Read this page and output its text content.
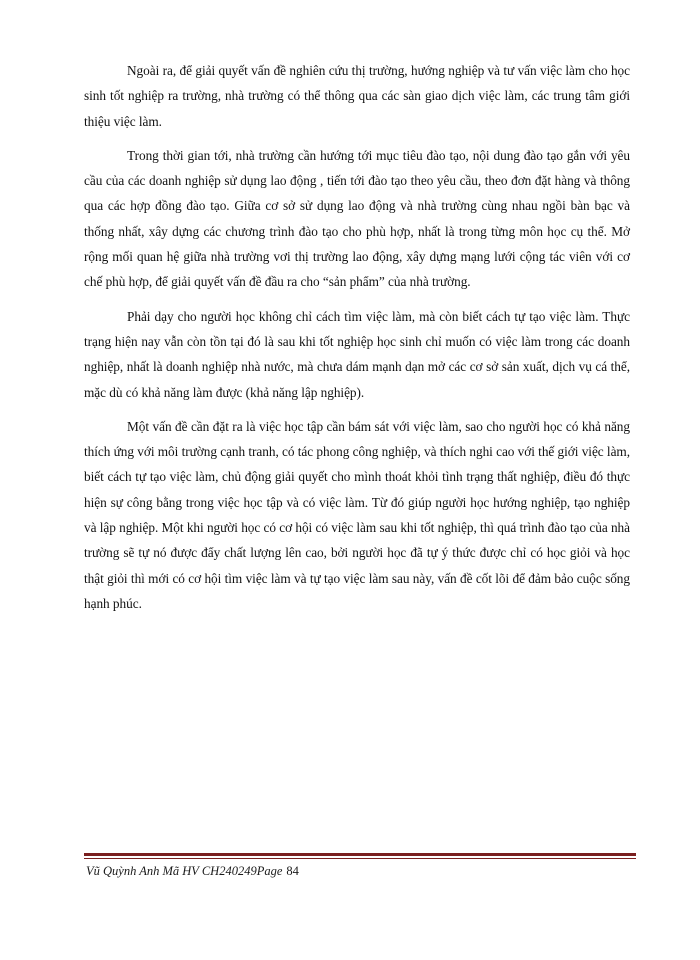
Ngoài ra, để giải quyết vấn đề nghiên cứu thị trường, hướng nghiệp và tư vấn việc làm cho học sinh tốt nghiệp ra trường, nhà trường có thể thông qua các sàn giao dịch việc làm, các trung tâm giới thiệu việc làm.

Trong thời gian tới, nhà trường cần hướng tới mục tiêu đào tạo, nội dung đào tạo gắn với yêu cầu của các doanh nghiệp sử dụng lao động , tiến tới đào tạo theo yêu cầu, theo đơn đặt hàng và thông qua các hợp đồng đào tạo. Giữa cơ sở sử dụng lao động và nhà trường cùng nhau ngồi bàn bạc và thống nhất, xây dựng các chương trình đào tạo cho phù hợp, nhất là trong từng môn học cụ thể. Mở rộng mối quan hệ giữa nhà trường vơi thị trường lao động, xây dựng mạng lưới cộng tác viên với cơ chế phù hợp, để giải quyết vấn đề đầu ra cho “sản phẩm” của nhà trường.

Phải dạy cho người học không chỉ cách tìm việc làm, mà còn biết cách tự tạo việc làm. Thực trạng hiện nay vẫn còn tồn tại đó là sau khi tốt nghiệp học sinh chỉ muốn có việc làm trong các doanh nghiệp, nhất là doanh nghiệp nhà nước, mà chưa dám mạnh dạn mở các cơ sở sản xuất, dịch vụ cá thể, mặc dù có khả năng làm được (khả năng lập nghiệp).

Một vấn đề cần đặt ra là việc học tập cần bám sát với việc làm, sao cho người học có khả năng thích ứng với môi trường cạnh tranh, có tác phong công nghiệp, và thích nghi cao với thế giới việc làm, biết cách tự tạo việc làm, chủ động giải quyết cho mình thoát khỏi tình trạng thất nghiệp, điều đó thực hiện sự công bằng trong việc học tập và có việc làm. Từ đó giúp người học hướng nghiệp, tạo nghiệp và lập nghiệp. Một khi người học có cơ hội có việc làm sau khi tốt nghiệp, thì quá trình đào tạo của nhà trường sẽ tự nó được đẩy chất lượng lên cao, bởi người học đã tự ý thức được chỉ có học giỏi và học thật giỏi thì mới có cơ hội tìm việc làm và tự tạo việc làm sau này, vấn đề cốt lõi để đảm bảo cuộc sống hạnh phúc.

Vũ Quỳnh Anh Mã HV CH240249Page 84
